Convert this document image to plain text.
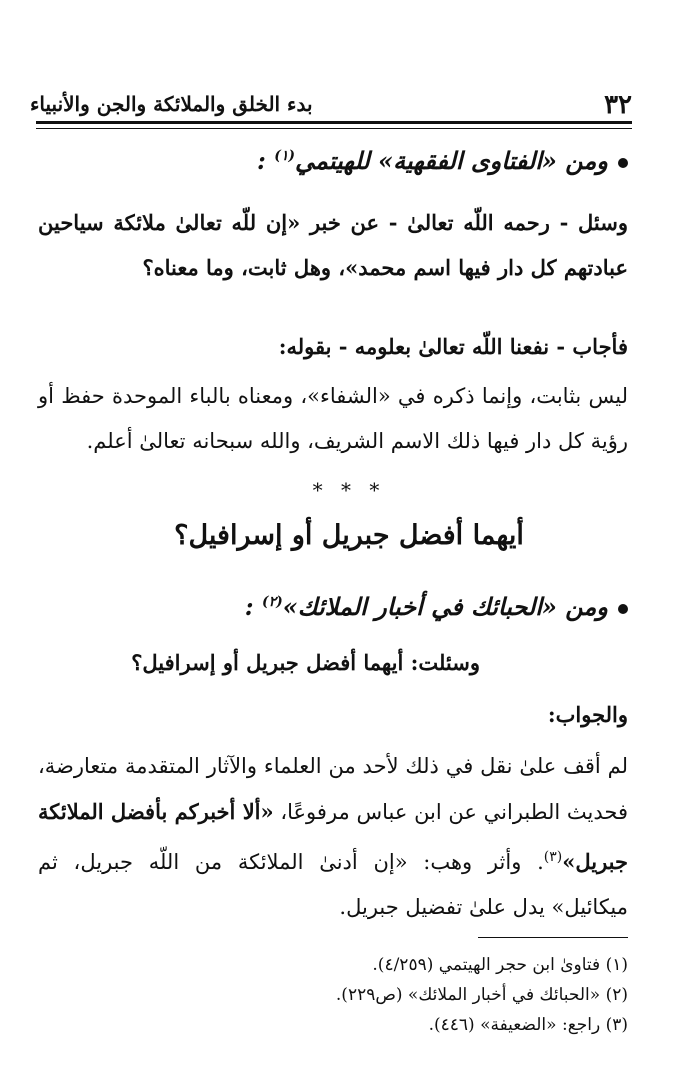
٣٢
بدء الخلق والملائكة والجن والأنبياء
ومن «الفتاوى الفقهية» للهيتمي$^{(١)}$ :
وسئل - رحمه اللّه تعالىٰ - عن خبر «إن للّه تعالىٰ ملائكة سياحين عبادتهم كل دار فيها اسم محمد»، وهل ثابت، وما معناه؟
فأجاب - نفعنا اللّه تعالىٰ بعلومه - بقوله:
ليس بثابت، وإنما ذكره في «الشفاء»، ومعناه بالباء الموحدة حفظ أو رؤية كل دار فيها ذلك الاسم الشريف، والله سبحانه تعالىٰ أعلم.
* * *
أيهما أفضل جبريل أو إسرافيل؟
ومن «الحبائك في أخبار الملائك»$^{(٢)}$ :
وسئلت: أيهما أفضل جبريل أو إسرافيل؟
والجواب:
لم أقف علىٰ نقل في ذلك لأحد من العلماء والآثار المتقدمة متعارضة، فحديث الطبراني عن ابن عباس مرفوعًا، «ألا أخبركم بأفضل الملائكة جبريل»$^{(٣)}$. وأثر وهب: «إن أدنىٰ الملائكة من اللّه جبريل، ثم ميكائيل» يدل علىٰ تفضيل جبريل.
(١) فتاوىٰ ابن حجر الهيتمي (٤/٢٥٩).
(٢) «الحبائك في أخبار الملائك» (ص٢٢٩).
(٣) راجع: «الضعيفة» (٤٤٦).
